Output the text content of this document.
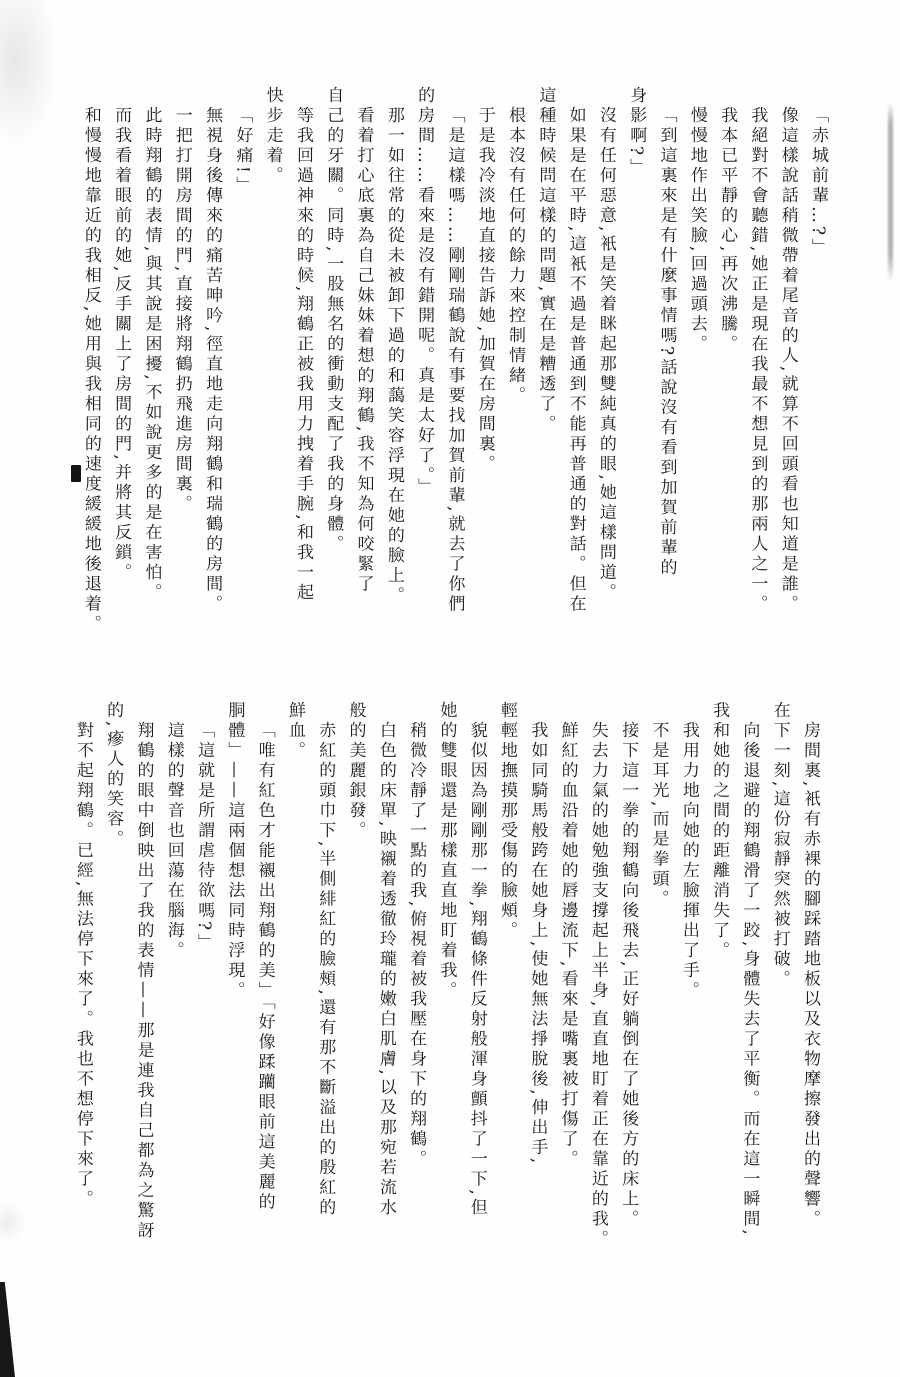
「赤城前輩…?」
像這樣說話稍微帶着尾音的人,就算不回頭看也知道是誰。
我絕對不會聽錯,她正是現在我最不想見到的那兩人之一。
我本已平靜的心,再次沸騰。
慢慢地作出笑臉,回過頭去。
「到這裏來是有什麼事情嗎?話說沒有看到加賀前輩的
身影啊?」
沒有任何惡意,衹是笑着眯起那雙純真的眼,她這樣問道。
如果是在平時,這衹不過是普通到不能再普通的對話。但在
這種時候問這樣的問題,實在是糟透了。
根本沒有任何的餘力來控制情緒。
于是我冷淡地直接告訴她,加賀在房間裏。
「是這樣嗎……剛剛瑞鶴說有事要找加賀前輩,就去了你們
的房間……看來是沒有錯開呢。真是太好了。」
那一如往常的從未被卸下過的和藹笑容浮現在她的臉上。
看着打心底裏為自己妹妹着想的翔鶴,我不知為何咬緊了
自己的牙關。同時,一股無名的衝動支配了我的身體。
等我回過神來的時候,翔鶴正被我用力拽着手腕,和我一起
快步走着。
「好痛!」
無視身後傳來的痛苦呻吟,徑直地走向翔鶴和瑞鶴的房間。
一把打開房間的門,直接將翔鶴扔飛進房間裏。
此時翔鶴的表情,與其說是困擾,不如說更多的是在害怕。
而我看着眼前的她,反手關上了房間的門,并將其反鎖。
和慢慢地靠近的我相反,她用與我相同的速度緩緩地後退着。
房間裏,衹有赤裸的腳踩踏地板以及衣物摩擦發出的聲響。
在下一刻,這份寂靜突然被打破。
向後退避的翔鶴滑了一跤,身體失去了平衡。而在這一瞬間,
我和她的之間的距離消失了。
我用力地向她的左臉揮出了手。
不是耳光,而是拳頭。
接下這一拳的翔鶴向後飛去,正好躺倒在了她後方的床上。
失去力氣的她勉強支撐起上半身,直直地盯着正在靠近的我。
鮮紅的血沿着她的唇邊流下,看來是嘴裏被打傷了。
我如同騎馬般跨在她身上,使她無法掙脫後,伸出手,
輕輕地撫摸那受傷的臉頰。
貌似因為剛剛那一拳,翔鶴條件反射般渾身顫抖了一下,但
她的雙眼還是那樣直直地盯着我。
稍微冷靜了一點的我,俯視着被我壓在身下的翔鶴。
白色的床單,映襯着透徹玲瓏的嫩白肌膚,以及那宛若流水
般的美麗銀發。
赤紅的頭巾下,半側緋紅的臉頰,還有那不斷溢出的殷紅的
鮮血。
「唯有紅色才能襯出翔鶴的美」「好像蹂躪眼前這美麗的
胴體」——這兩個想法同時浮現。
「這就是所謂虐待欲嗎?」
這樣的聲音也回蕩在腦海。
翔鶴的眼中倒映出了我的表情——那是連我自己都為之驚訝
的,瘮人的笑容。
對不起翔鶴。已經,無法停下來了。我也不想停下來了。
